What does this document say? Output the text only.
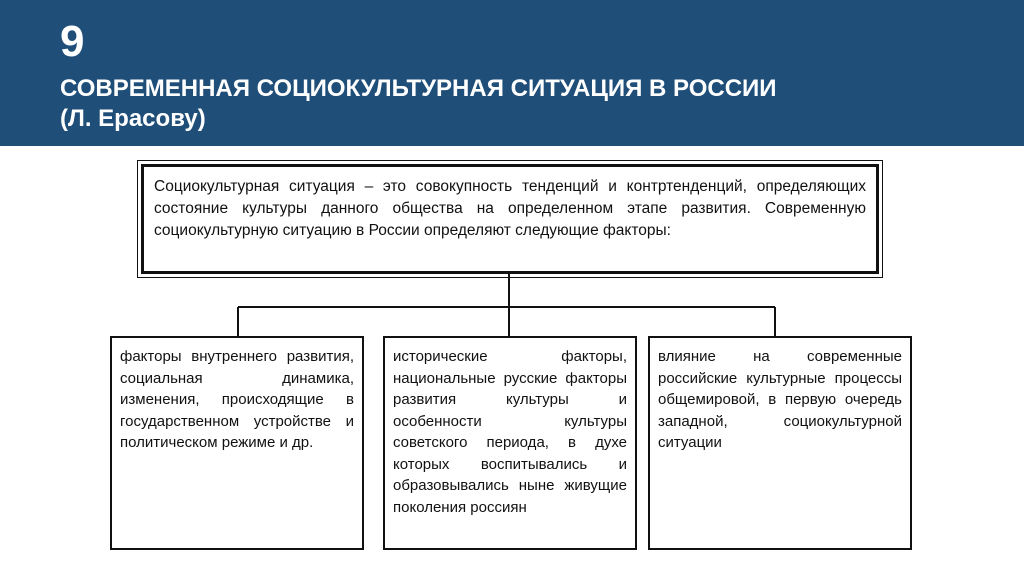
9
СОВРЕМЕННАЯ СОЦИОКУЛЬТУРНАЯ СИТУАЦИЯ В РОССИИ
(Л. Ерасову)
Социокультурная ситуация – это совокупность тенденций и контртенденций, определяющих состояние культуры данного общества на определенном этапе развития. Современную социокультурную ситуацию в России определяют следующие факторы:
факторы внутреннего развития, социальная динамика, изменения, происходящие в государственном устройстве и политическом режиме и др.
исторические факторы, национальные русские факторы развития культуры и особенности культуры советского периода, в духе которых воспитывались и образовывались ныне живущие поколения россиян
влияние на современные российские культурные процессы общемировой, в первую очередь западной, социокультурной ситуации
